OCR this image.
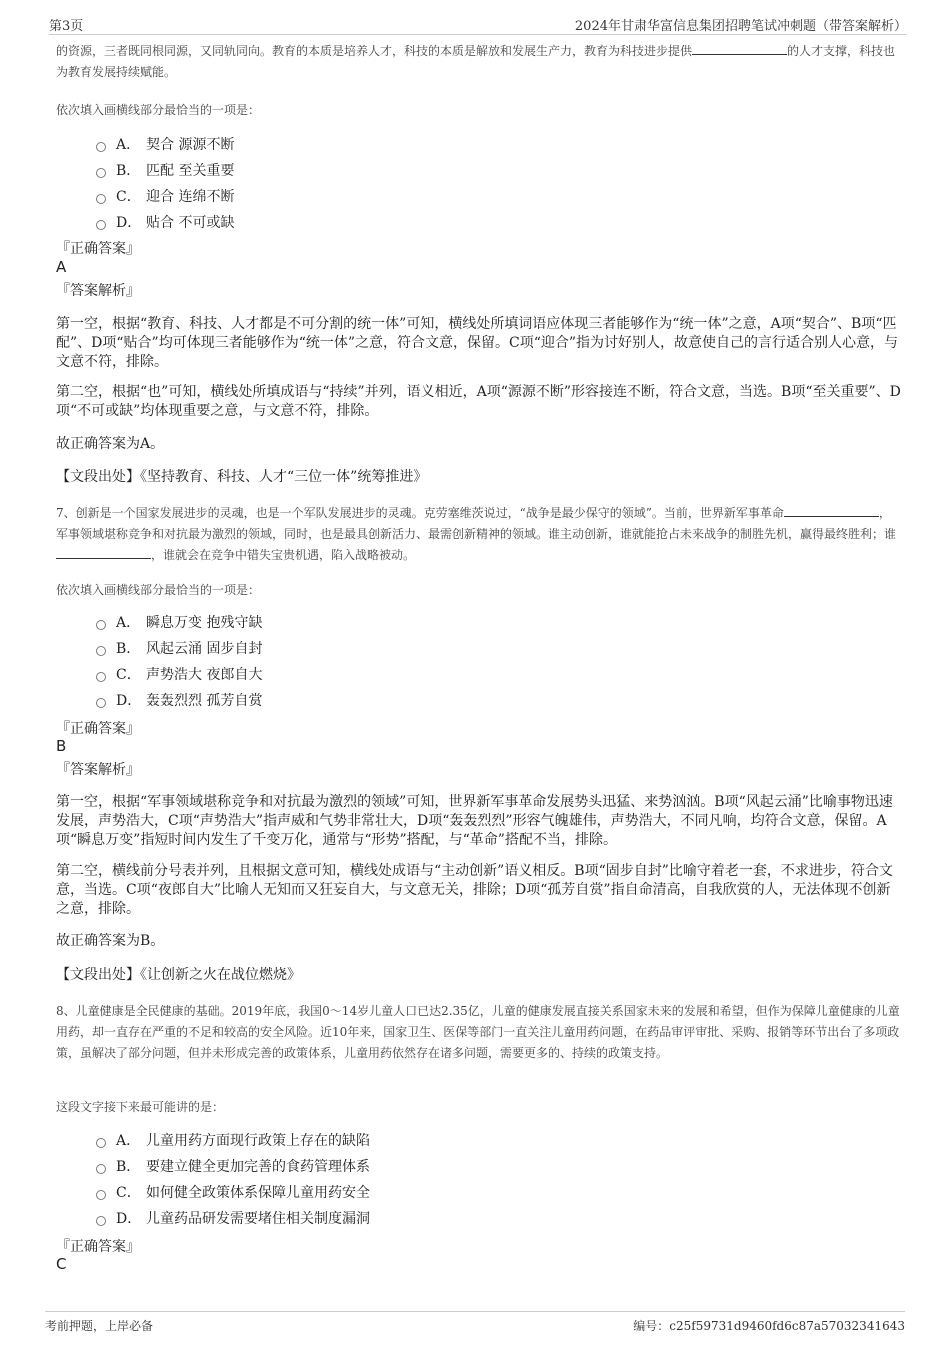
第3页	2024年甘肃华富信息集团招聘笔试冲刺题（带答案解析）
的资源，三者既同根同源，又同轨同向。教育的本质是培养人才，科技的本质是解放和发展生产力，教育为科技进步提供	的人才支撑，科技也为教育发展持续赋能。
依次填入画横线部分最恰当的一项是：
A． 契合 源源不断
B． 匹配 至关重要
C． 迎合 连绵不断
D． 贴合 不可或缺
『正确答案』
A
『答案解析』
第一空，根据“教育、科技、人才都是不可分割的统一体”可知，横线处所填词语应体现三者能够作为“统一体”之意，A项“契合”、B项“匹配”、D项“贴合”均可体现三者能够作为“统一体”之意，符合文意，保留。C项“迎合”指为讨好别人，故意使自己的言行适合别人心意，与文意不符，排除。
第二空，根据“也”可知，横线处所填成语与“持续”并列，语义相近，A项“源源不断”形容接连不断，符合文意，当选。B项“至关重要”、D项“不可或缺”均体现重要之意，与文意不符，排除。
故正确答案为A。
【文段出处】《坚持教育、科技、人才“三位一体”统筹推进》
7、创新是一个国家发展进步的灵魂，也是一个军队发展进步的灵魂。克劳塞维茨说过，“战争是最少保守的领域”。当前，世界新军事革命	，军事领域堪称竞争和对抗最为激烈的领域，同时，也是最具创新活力、最需创新精神的领域。谁主动创新，谁就能抢占未来战争的制胜先机，赢得最终胜利；谁，谁就会在竞争中错失宝贵机遇，陷入战略被动。
依次填入画横线部分最恰当的一项是：
A． 瞬息万变 抱残守缺
B． 风起云涌 固步自封
C． 声势浩大 夜郎自大
D． 轰轰烈烈 孤芳自赏
『正确答案』
B
『答案解析』
第一空，根据“军事领域堪称竞争和对抗最为激烈的领域”可知，世界新军事革命发展势头迅猛、来势汹汹。B项“风起云涌”比喻事物迅速发展，声势浩大，C项“声势浩大”指声威和气势非常壮大，D项“轰轰烈烈”形容气魄雄伟，声势浩大，不同凡响，均符合文意，保留。A项“瞬息万变”指短时间内发生了千变万化，通常与“形势”搭配，与“革命”搭配不当，排除。
第二空，横线前分号表并列，且根据文意可知，横线处成语与“主动创新”语义相反。B项“固步自封”比喻守着老一套，不求进步，符合文意，当选。C项“夜郎自大”比喻人无知而又狂妄自大，与文意无关，排除；D项“孤芳自赏”指自命清高，自我欣赏的人，无法体现不创新之意，排除。
故正确答案为B。
【文段出处】《让创新之火在战位燃烧》
8、儿童健康是全民健康的基础。2019年底，我国0～14岁儿童人口已达2.35亿，儿童的健康发展直接关系国家未来的发展和希望，但作为保障儿童健康的儿童用药，却一直存在严重的不足和较高的安全风险。近10年来，国家卫生、医保等部门一直关注儿童用药问题，在药品审评审批、采购、报销等环节出台了多项政策，虽解决了部分问题，但并未形成完善的政策体系，儿童用药依然存在诸多问题，需要更多的、持续的政策支持。
这段文字接下来最可能讲的是：
A． 儿童用药方面现行政策上存在的缺陷
B． 要建立健全更加完善的食药管理体系
C． 如何健全政策体系保障儿童用药安全
D． 儿童药品研发需要堵住相关制度漏洞
『正确答案』
C
考前押题，上岸必备	编号：c25f59731d9460fd6c87a57032341643
